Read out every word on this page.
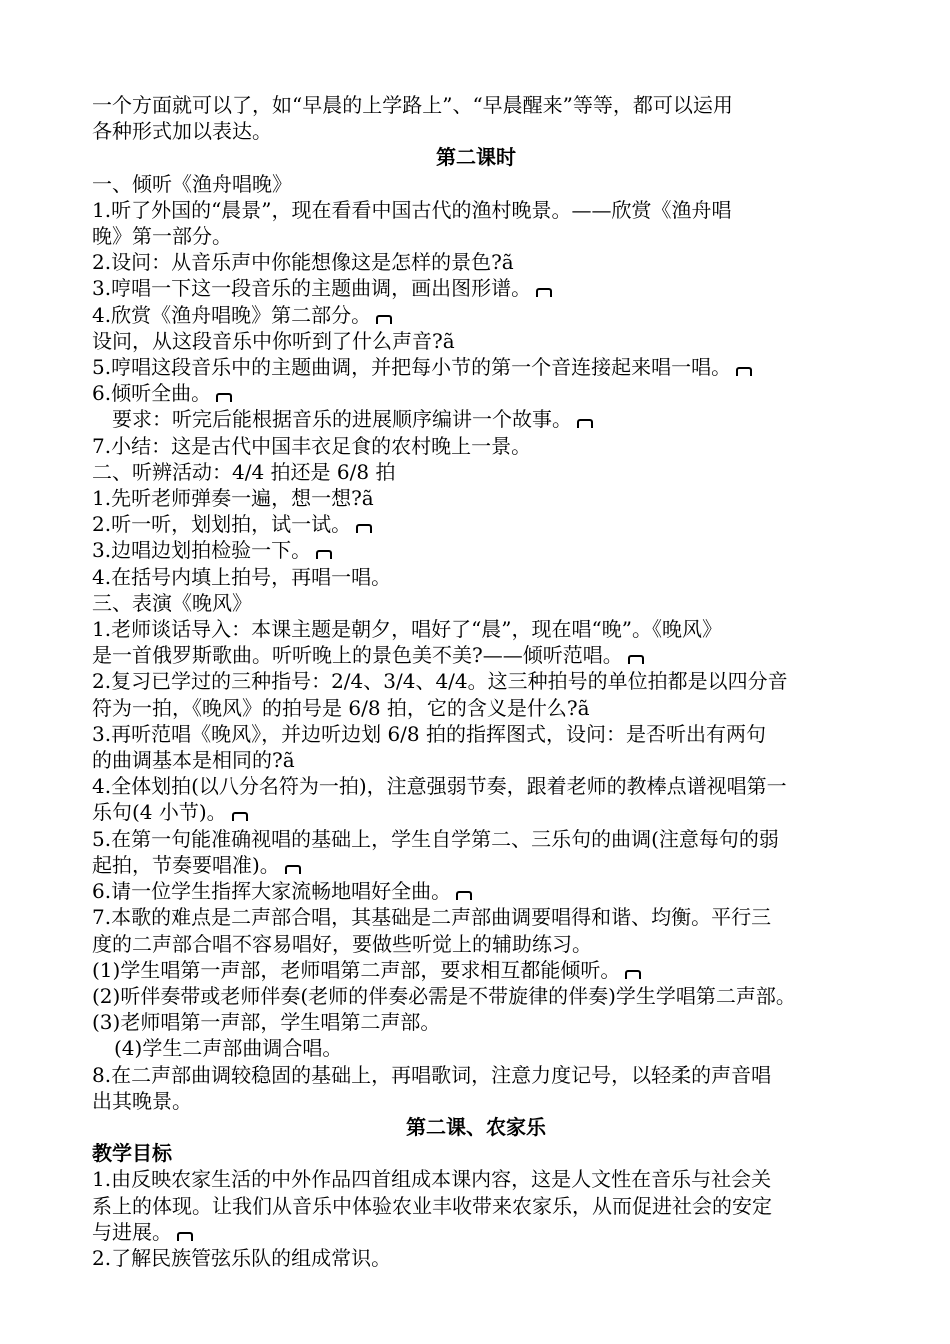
一个方面就可以了，如“早晨的上学路上”、“早晨醒来”等等，都可以运用

各种形式加以表达。

第二课时

一、倾听《渔舟唱晚》

1.听了外国的“晨景”，现在看看中国古代的渔村晚景。——欣赏《渔舟唱

晚》第一部分。

2.设问：从音乐声中你能想像这是怎样的景色?ã

3.哼唱一下这一段音乐的主题曲调，画出图形谱。

4.欣赏《渔舟唱晚》第二部分。

设问，从这段音乐中你听到了什么声音?ã

5.哼唱这段音乐中的主题曲调，并把每小节的第一个音连接起来唱一唱。

6.倾听全曲。

要求：听完后能根据音乐的进展顺序编讲一个故事。

7.小结：这是古代中国丰衣足食的农村晚上一景。

二、听辨活动：4/4 拍还是 6/8 拍

1.先听老师弹奏一遍，想一想?ã

2.听一听，划划拍，试一试。

3.边唱边划拍检验一下。

4.在括号内填上拍号，再唱一唱。

三、表演《晚风》

1.老师谈话导入：本课主题是朝夕，唱好了“晨”，现在唱“晚”。《晚风》

是一首俄罗斯歌曲。听听晚上的景色美不美?——倾听范唱。

2.复习已学过的三种指号：2/4、3/4、4/4。这三种拍号的单位拍都是以四分音

符为一拍，《晚风》的拍号是 6/8 拍，它的含义是什么?ã

3.再听范唱《晚风》，并边听边划 6/8 拍的指挥图式，设问：是否听出有两句

的曲调基本是相同的?ã

4.全体划拍(以八分名符为一拍)，注意强弱节奏，跟着老师的教棒点谱视唱第一

乐句(4 小节)。

5.在第一句能准确视唱的基础上，学生自学第二、三乐句的曲调(注意每句的弱

起拍，节奏要唱准)。

6.请一位学生指挥大家流畅地唱好全曲。

7.本歌的难点是二声部合唱，其基础是二声部曲调要唱得和谐、均衡。平行三

度的二声部合唱不容易唱好，要做些听觉上的辅助练习。

(1)学生唱第一声部，老师唱第二声部，要求相互都能倾听。

(2)听伴奏带或老师伴奏(老师的伴奏必需是不带旋律的伴奏)学生学唱第二声部。

(3)老师唱第一声部，学生唱第二声部。

(4)学生二声部曲调合唱。

8.在二声部曲调较稳固的基础上，再唱歌词，注意力度记号，以轻柔的声音唱

出其晚景。

第二课、农家乐

教学目标

1.由反映农家生活的中外作品四首组成本课内容，这是人文性在音乐与社会关

系上的体现。让我们从音乐中体验农业丰收带来农家乐，从而促进社会的安定

与进展。

2.了解民族管弦乐队的组成常识。
